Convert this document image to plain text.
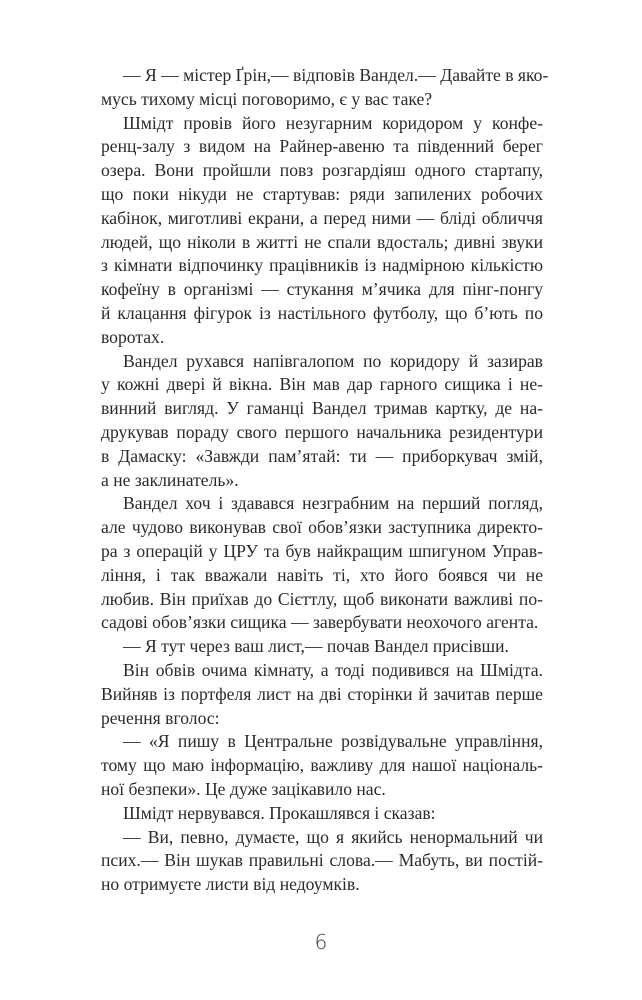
— Я — містер Ґрін,— відповів Вандел.— Давайте в яко-
мусь тихому місці поговоримо, є у вас таке?
Шмідт провів його незугарним коридором у конфе-
ренц-залу з видом на Райнер-авеню та південний берег
озера. Вони пройшли повз розгардіяш одного стартапу,
що поки нікуди не стартував: ряди запилених робочих
кабінок, миготливі екрани, а перед ними — бліді обличчя
людей, що ніколи в житті не спали вдосталь; дивні звуки
з кімнати відпочинку працівників із надмірною кількістю
кофеїну в організмі — стукання м’ячика для пінг-понгу
й клацання фігурок із настільного футболу, що б’ють по
воротах.
Вандел рухався напівгалопом по коридору й зазирав
у кожні двері й вікна. Він мав дар гарного сищика і не-
винний вигляд. У гаманці Вандел тримав картку, де на-
друкував пораду свого першого начальника резидентури
в Дамаску: «Завжди пам’ятай: ти — приборкувач змій,
а не заклинатель».
Вандел хоч і здавався незграбним на перший погляд,
але чудово виконував свої обов’язки заступника директо-
ра з операцій у ЦРУ та був найкращим шпигуном Управ-
ління, і так вважали навіть ті, хто його боявся чи не
любив. Він приїхав до Сієттлу, щоб виконати важливі по-
садові обов’язки сищика — завербувати неохочого агента.
— Я тут через ваш лист,— почав Вандел присівши.
Він обвів очима кімнату, а тоді подивився на Шмідта.
Вийняв із портфеля лист на дві сторінки й зачитав перше
речення вголос:
— «Я пишу в Центральне розвідувальне управління,
тому що маю інформацію, важливу для нашої національ-
ної безпеки». Це дуже зацікавило нас.
Шмідт нервувався. Прокашлявся і сказав:
— Ви, певно, думаєте, що я якийсь ненормальний чи
псих.— Він шукав правильні слова.— Мабуть, ви постій-
но отримуєте листи від недоумків.
6
